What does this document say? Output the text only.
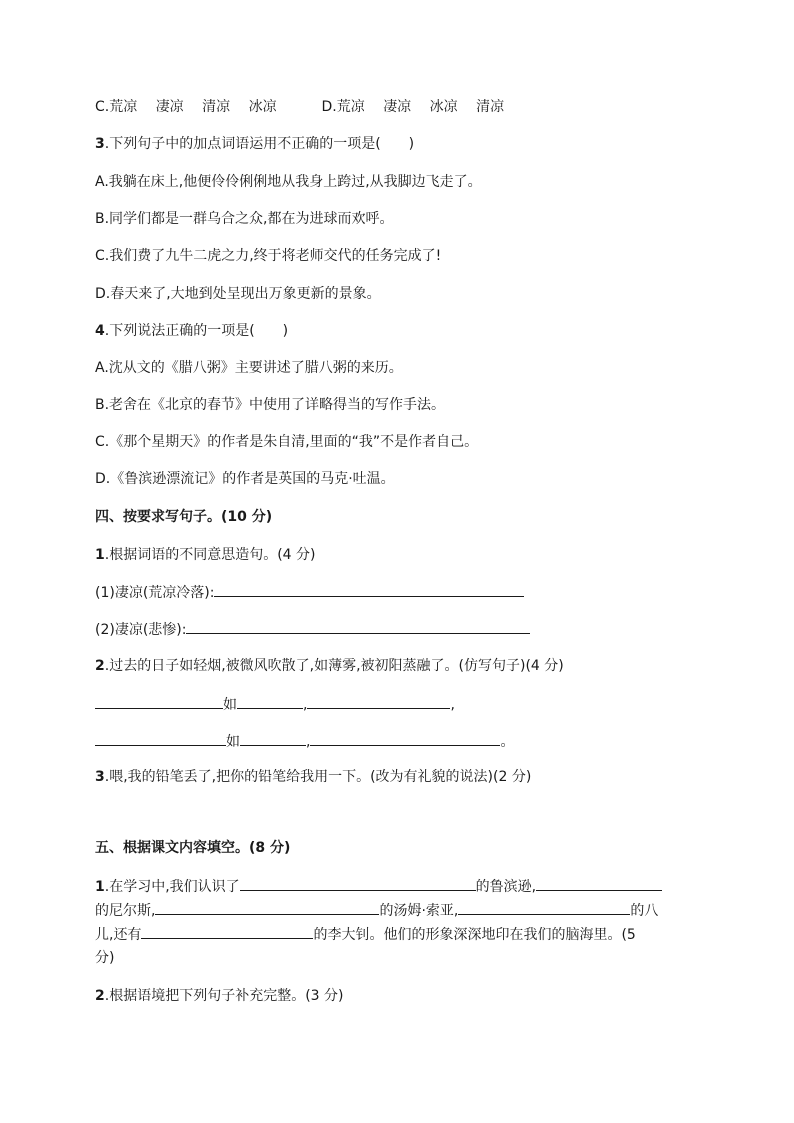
C.荒凉 凄凉 清凉 冰凉	D.荒凉 凄凉 冰凉 清凉
3.下列句子中的加点词语运用不正确的一项是(　　)
A.我躺在床上,他便伶伶俐俐地从我身上跨过,从我脚边飞走了。
B.同学们都是一群乌合之众,都在为进球而欢呼。
C.我们费了九牛二虎之力,终于将老师交代的任务完成了!
D.春天来了,大地到处呈现出万象更新的景象。
4.下列说法正确的一项是(　　)
A.沈从文的《腊八粥》主要讲述了腊八粥的来历。
B.老舍在《北京的春节》中使用了详略得当的写作手法。
C.《那个星期天》的作者是朱自清,里面的“我”不是作者自己。
D.《鲁滨逊漂流记》的作者是英国的马克·吐温。
四、按要求写句子。(10 分)
1.根据词语的不同意思造句。(4 分)
(1)凄凉(荒凉冷落):
(2)凄凉(悲惨):
2.过去的日子如轻烟,被微风吹散了,如薄雾,被初阳蒸融了。(仿写句子)(4 分)
如	,	,
如	,	。
3.喂,我的铅笔丢了,把你的铅笔给我用一下。(改为有礼貌的说法)(2 分)
五、根据课文内容填空。(8 分)
1.在学习中,我们认识了	的鲁滨逊,
的尼尔斯,	的汤姆·索亚,	的八
儿,还有	的李大钊。他们的形象深深地印在我们的脑海里。(5
分)
2.根据语境把下列句子补充完整。(3 分)
